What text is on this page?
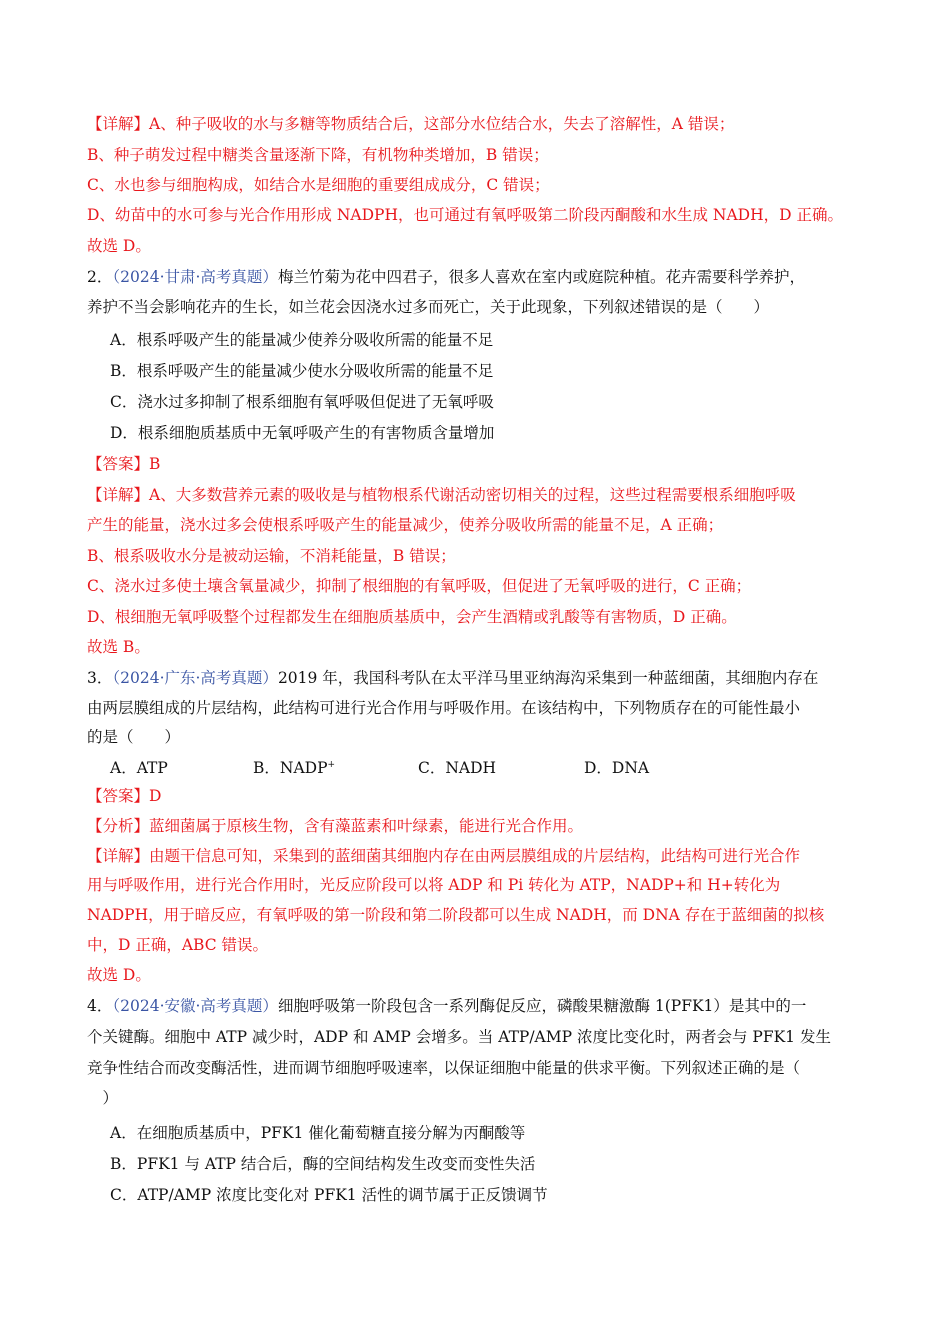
【详解】A、种子吸收的水与多糖等物质结合后，这部分水位结合水，失去了溶解性，A 错误；
B、种子萌发过程中糖类含量逐渐下降，有机物种类增加，B 错误；
C、水也参与细胞构成，如结合水是细胞的重要组成成分，C 错误；
D、幼苗中的水可参与光合作用形成 NADPH，也可通过有氧呼吸第二阶段丙酮酸和水生成 NADH，D 正确。
故选 D。
2．（2024·甘肃·高考真题）梅兰竹菊为花中四君子，很多人喜欢在室内或庭院种植。花卉需要科学养护，
养护不当会影响花卉的生长，如兰花会因浇水过多而死亡，关于此现象，下列叙述错误的是（　　）
A．根系呼吸产生的能量减少使养分吸收所需的能量不足
B．根系呼吸产生的能量减少使水分吸收所需的能量不足
C．浇水过多抑制了根系细胞有氧呼吸但促进了无氧呼吸
D．根系细胞质基质中无氧呼吸产生的有害物质含量增加
【答案】B
【详解】A、大多数营养元素的吸收是与植物根系代谢活动密切相关的过程，这些过程需要根系细胞呼吸
产生的能量，浇水过多会使根系呼吸产生的能量减少，使养分吸收所需的能量不足，A 正确；
B、根系吸收水分是被动运输，不消耗能量，B 错误；
C、浇水过多使土壤含氧量减少，抑制了根细胞的有氧呼吸，但促进了无氧呼吸的进行，C 正确；
D、根细胞无氧呼吸整个过程都发生在细胞质基质中，会产生酒精或乳酸等有害物质，D 正确。
故选 B。
3．（2024·广东·高考真题）2019 年，我国科考队在太平洋马里亚纳海沟采集到一种蓝细菌，其细胞内存在
由两层膜组成的片层结构，此结构可进行光合作用与呼吸作用。在该结构中，下列物质存在的可能性最小
的是（　　）
A．ATP	B．NADP+	C．NADH	D．DNA
【答案】D
【分析】蓝细菌属于原核生物，含有藻蓝素和叶绿素，能进行光合作用。
【详解】由题干信息可知，采集到的蓝细菌其细胞内存在由两层膜组成的片层结构，此结构可进行光合作
用与呼吸作用，进行光合作用时，光反应阶段可以将 ADP 和 Pi 转化为 ATP，NADP+和 H+转化为
NADPH，用于暗反应，有氧呼吸的第一阶段和第二阶段都可以生成 NADH，而 DNA 存在于蓝细菌的拟核
中，D 正确，ABC 错误。
故选 D。
4．（2024·安徽·高考真题）细胞呼吸第一阶段包含一系列酶促反应，磷酸果糖激酶 1(PFK1）是其中的一
个关键酶。细胞中 ATP 减少时，ADP 和 AMP 会增多。当 ATP/AMP 浓度比变化时，两者会与 PFK1 发生
竞争性结合而改变酶活性，进而调节细胞呼吸速率，以保证细胞中能量的供求平衡。下列叙述正确的是（
　）
A．在细胞质基质中，PFK1 催化葡萄糖直接分解为丙酮酸等
B．PFK1 与 ATP 结合后，酶的空间结构发生改变而变性失活
C．ATP/AMP 浓度比变化对 PFK1 活性的调节属于正反馈调节
